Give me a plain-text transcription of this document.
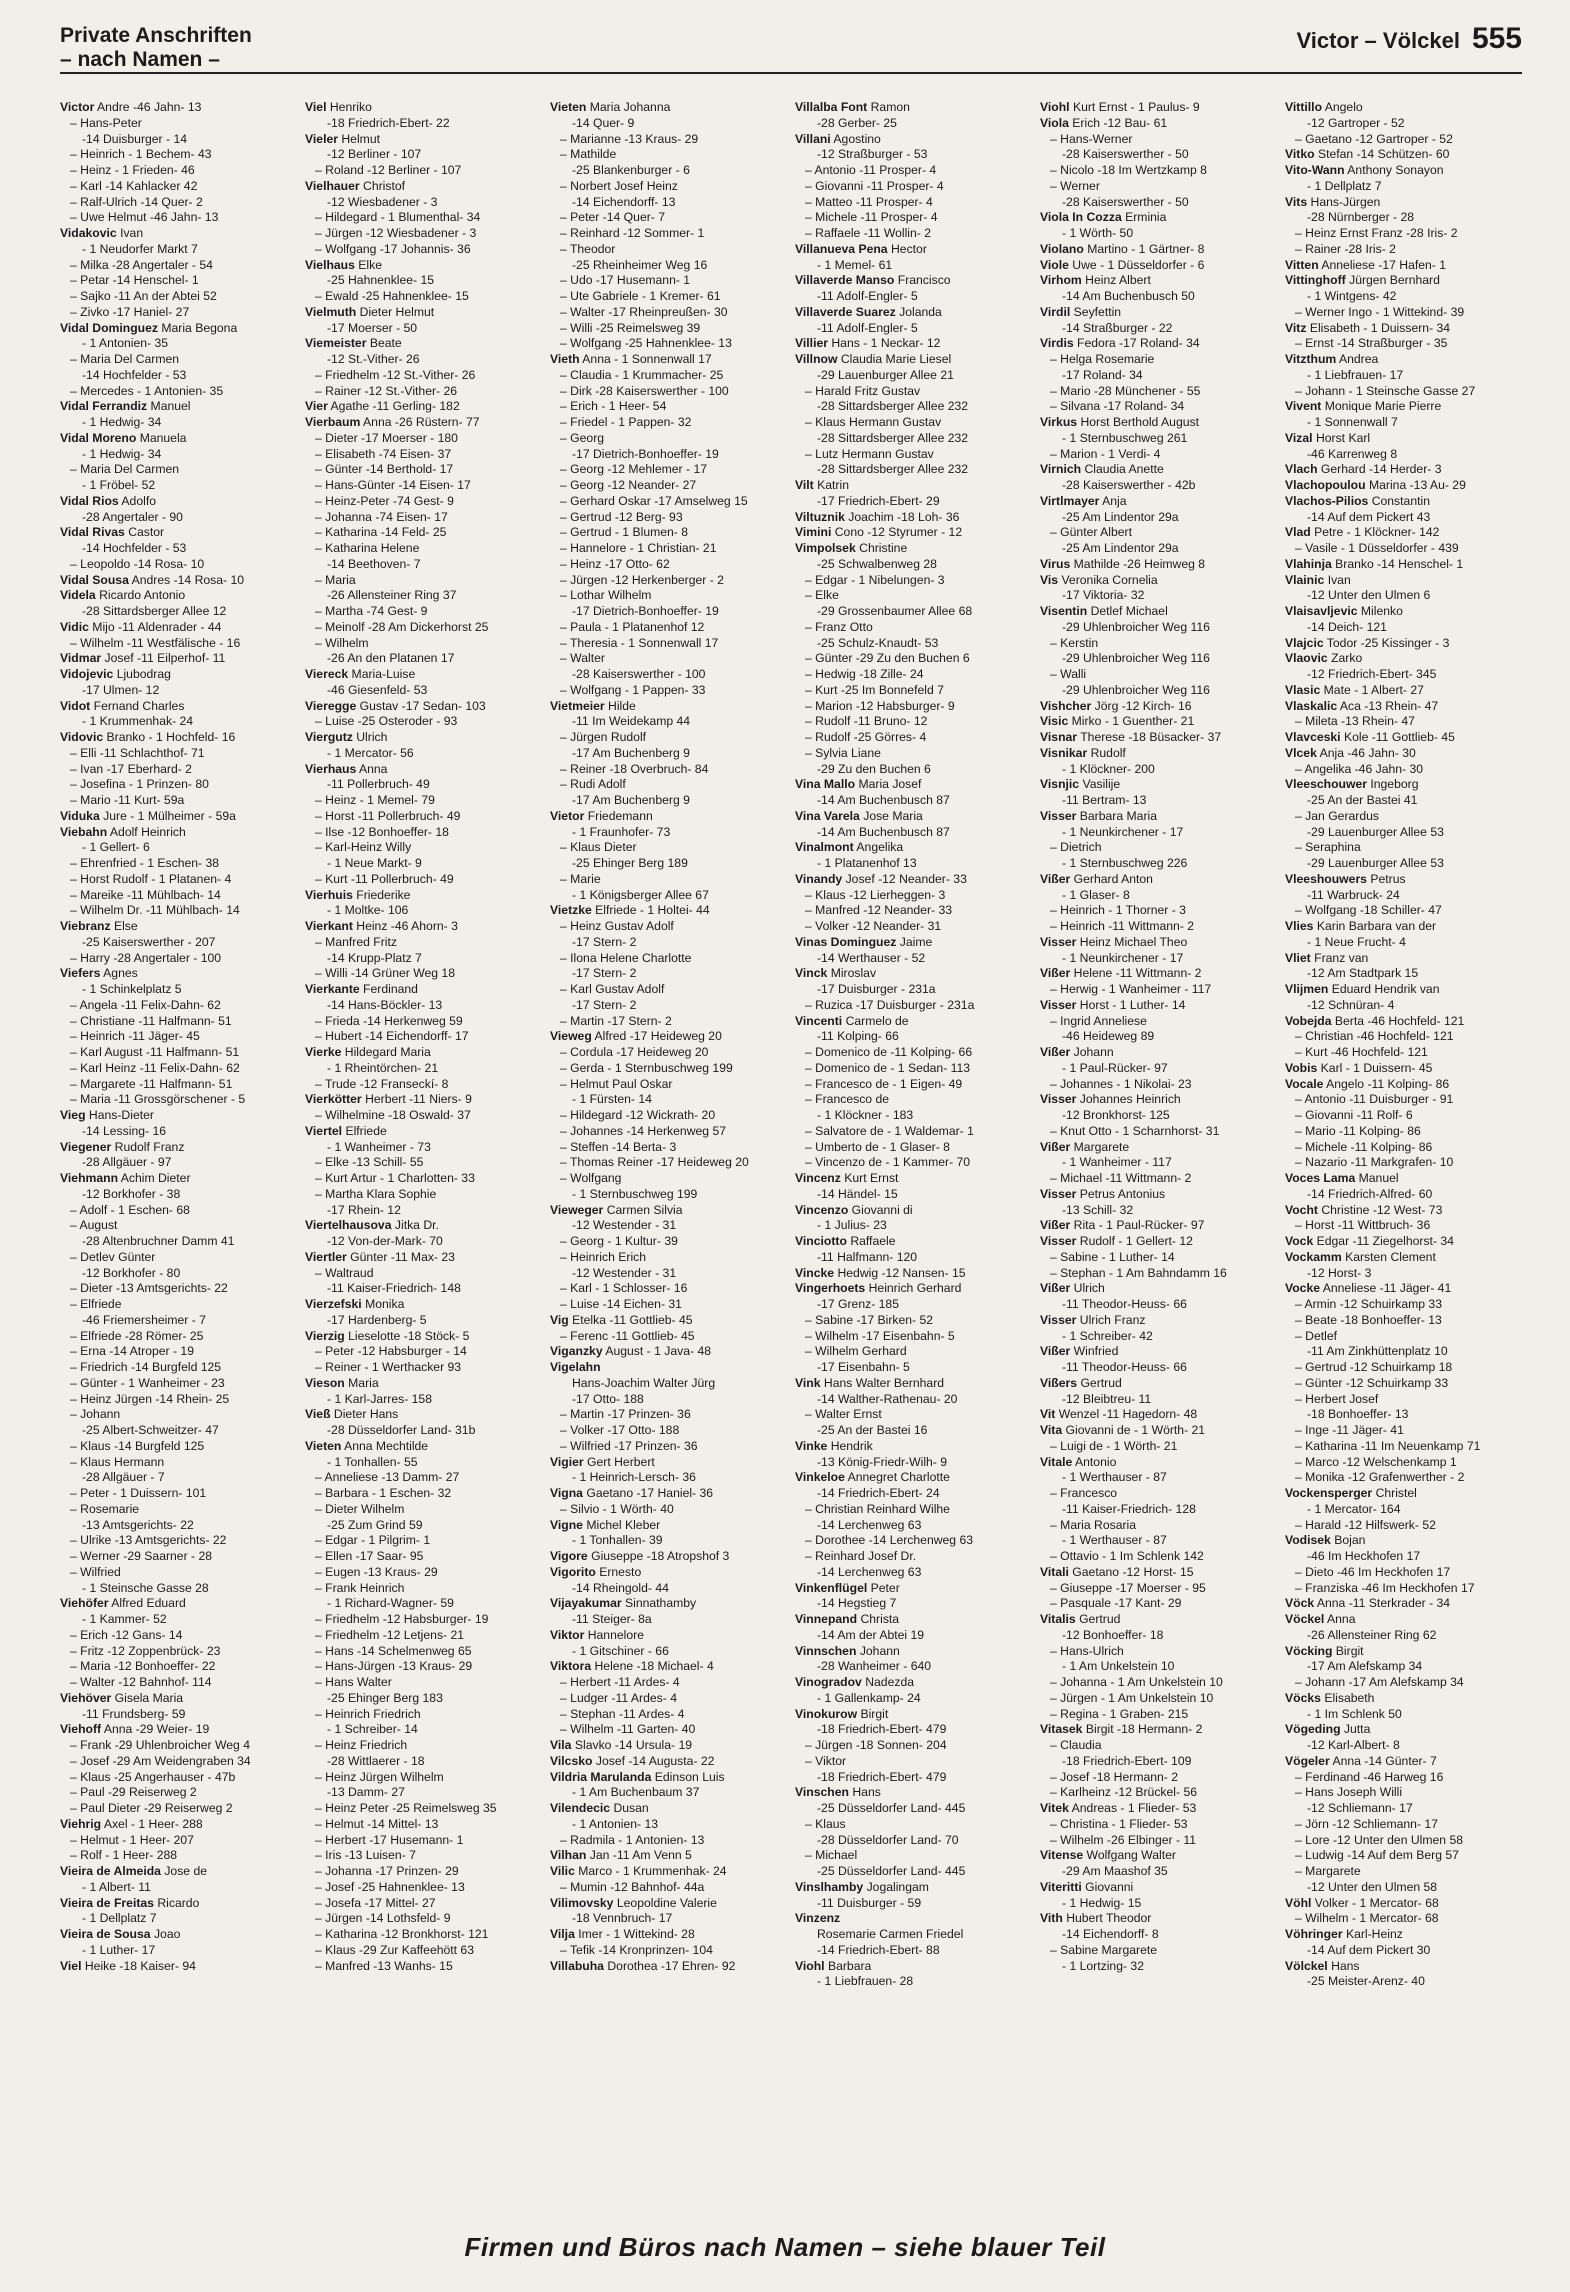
Private Anschriften
– nach Namen –
Victor – Völckel 555
Victor Andre -46 Jahn- 13
– Hans-Peter
-14 Duisburger - 14
– Heinrich - 1 Bechem- 43
– Heinz - 1 Frieden- 46
– Karl -14 Kahlacker 42
– Ralf-Ulrich -14 Quer- 2
– Uwe Helmut -46 Jahn- 13
Vidakovic Ivan
- 1 Neudorfer Markt 7
– Milka -28 Angertaler - 54
– Petar -14 Henschel- 1
– Sajko -11 An der Abtei 52
– Zivko -17 Haniel- 27
Vidal Dominguez Maria Begona
- 1 Antonien- 35
– Maria Del Carmen
-14 Hochfelder - 53
– Mercedes - 1 Antonien- 35
Vidal Ferrandiz Manuel
- 1 Hedwig- 34
Vidal Moreno Manuela
- 1 Hedwig- 34
– Maria Del Carmen
- 1 Fröbel- 52
Vidal Rios Adolfo
-28 Angertaler - 90
Vidal Rivas Castor
-14 Hochfelder - 53
– Leopoldo -14 Rosa- 10
Vidal Sousa Andres -14 Rosa- 10
Videla Ricardo Antonio
-28 Sittardsberger Allee 12
Vidic Mijo -11 Aldenrader - 44
– Wilhelm -11 Westfälische - 16
Vidmar Josef -11 Eilperhof- 11
Vidojevic Ljubodrag
-17 Ulmen- 12
Vidot Fernand Charles
- 1 Krummenhak- 24
Vidovic Branko - 1 Hochfeld- 16
– Elli -11 Schlachthof- 71
– Ivan -17 Eberhard- 2
– Josefina - 1 Prinzen- 80
– Mario -11 Kurt- 59a
Viduka Jure - 1 Mülheimer - 59a
Viebahn Adolf Heinrich
- 1 Gellert- 6
– Ehrenfried - 1 Eschen- 38
– Horst Rudolf - 1 Platanen- 4
– Mareike -11 Mühlbach- 14
– Wilhelm Dr. -11 Mühlbach- 14
Viebranz Else
-25 Kaiserswerther - 207
– Harry -28 Angertaler - 100
Viefers Agnes
- 1 Schinkelplatz 5
– Angela -11 Felix-Dahn- 62
– Christiane -11 Halfmann- 51
– Heinrich -11 Jäger- 45
– Karl August -11 Halfmann- 51
– Karl Heinz -11 Felix-Dahn- 62
– Margarete -11 Halfmann- 51
– Maria -11 Grossgörschener - 5
Vieg Hans-Dieter
-14 Lessing- 16
Viegener Rudolf Franz
-28 Allgäuer - 97
Viehmann Achim Dieter
-12 Borkhofer - 38
– Adolf - 1 Eschen- 68
– August
-28 Altenbruchner Damm 41
– Detlev Günter
-12 Borkhofer - 80
– Dieter -13 Amtsgerichts- 22
– Elfriede
-46 Friemersheimer - 7
– Elfriede -28 Römer- 25
– Erna -14 Atroper - 19
– Friedrich -14 Burgfeld 125
– Günter - 1 Wanheimer - 23
– Heinz Jürgen -14 Rhein- 25
– Johann
-25 Albert-Schweitzer- 47
– Klaus -14 Burgfeld 125
– Klaus Hermann
-28 Allgäuer - 7
– Peter - 1 Duissern- 101
– Rosemarie
-13 Amtsgerichts- 22
– Ulrike -13 Amtsgerichts- 22
– Werner -29 Saarner - 28
– Wilfried
- 1 Steinsche Gasse 28
Viehöfer Alfred Eduard
- 1 Kammer- 52
– Erich -12 Gans- 14
– Fritz -12 Zoppenbrück- 23
– Maria -12 Bonhoeffer- 22
– Walter -12 Bahnhof- 114
Viehöver Gisela Maria
-11 Frundsberg- 59
Viehoff Anna -29 Weier- 19
– Frank -29 Uhlenbroicher Weg 4
– Josef -29 Am Weidengraben 34
– Klaus -25 Angerhauser - 47b
– Paul -29 Reiserweg 2
– Paul Dieter -29 Reiserweg 2
Viehrig Axel - 1 Heer- 288
– Helmut - 1 Heer- 207
– Rolf - 1 Heer- 288
Vieira de Almeida Jose de
- 1 Albert- 11
Vieira de Freitas Ricardo
- 1 Dellplatz 7
Vieira de Sousa Joao
- 1 Luther- 17
Viel Heike -18 Kaiser- 94
Viel Henriko
-18 Friedrich-Ebert- 22
Vieler Helmut
-12 Berliner - 107
– Roland -12 Berliner - 107
Vielhauer Christof
-12 Wiesbadener - 3
– Hildegard - 1 Blumenthal- 34
– Jürgen -12 Wiesbadener - 3
– Wolfgang -17 Johannis- 36
Vielhaus Elke
-25 Hahnenklee- 15
– Ewald -25 Hahnenklee- 15
Vielmuth Dieter Helmut
-17 Moerser - 50
Viemeister Beate
-12 St.-Vither- 26
– Friedhelm -12 St.-Vither- 26
– Rainer -12 St.-Vither- 26
Vier Agathe -11 Gerling- 182
Vierbaum Anna -26 Rüstern- 77
– Dieter -17 Moerser - 180
– Elisabeth -74 Eisen- 37
– Günter -14 Berthold- 17
– Hans-Günter -14 Eisen- 17
– Heinz-Peter -74 Gest- 9
– Johanna -74 Eisen- 17
– Katharina -14 Feld- 25
– Katharina Helene
-14 Beethoven- 7
– Maria
-26 Allensteiner Ring 37
– Martha -74 Gest- 9
– Meinolf -28 Am Dickerhorst 25
– Wilhelm
-26 An den Platanen 17
Viereck Maria-Luise
-46 Giesenfeld- 53
Vieregge Gustav -17 Sedan- 103
– Luise -25 Osteroder - 93
Viergutz Ulrich
- 1 Mercator- 56
Vierhaus Anna
-11 Pollerbruch- 49
– Heinz - 1 Memel- 79
– Horst -11 Pollerbruch- 49
– Ilse -12 Bonhoeffer- 18
– Karl-Heinz Willy
- 1 Neue Markt- 9
– Kurt -11 Pollerbruch- 49
Vierhuis Friederike
- 1 Moltke- 106
Vierkant Heinz -46 Ahorn- 3
– Manfred Fritz
-14 Krupp-Platz 7
– Willi -14 Grüner Weg 18
Vierkante Ferdinand
-14 Hans-Böckler- 13
– Frieda -14 Herkenweg 59
– Hubert -14 Eichendorff- 17
Vierke Hildegard Maria
- 1 Rheintörchen- 21
– Trude -12 Franseckí- 8
Vierkötter Herbert -11 Niers- 9
– Wilhelmine -18 Oswald- 37
Viertel Elfriede
- 1 Wanheimer - 73
– Elke -13 Schill- 55
– Kurt Artur - 1 Charlotten- 33
– Martha Klara Sophie
-17 Rhein- 12
Viertelhausova Jitka Dr.
-12 Von-der-Mark- 70
Viertler Günter -11 Max- 23
– Waltraud
-11 Kaiser-Friedrich- 148
Vierzefski Monika
-17 Hardenberg- 5
Vierzig Lieselotte -18 Stöck- 5
– Peter -12 Habsburger - 14
– Reiner - 1 Werthacker 93
Vieson Maria
- 1 Karl-Jarres- 158
Vieß Dieter Hans
-28 Düsseldorfer Land- 31b
Vieten Anna Mechtilde
- 1 Tonhallen- 55
– Anneliese -13 Damm- 27
– Barbara - 1 Eschen- 32
– Dieter Wilhelm
-25 Zum Grind 59
– Edgar - 1 Pilgrim- 1
– Ellen -17 Saar- 95
– Eugen -13 Kraus- 29
– Frank Heinrich
- 1 Richard-Wagner- 59
– Friedhelm -12 Habsburger- 19
– Friedhelm -12 Letjens- 21
– Hans -14 Schelmenweg 65
– Hans-Jürgen -13 Kraus- 29
– Hans Walter
-25 Ehinger Berg 183
– Heinrich Friedrich
- 1 Schreiber- 14
– Heinz Friedrich
-28 Wittlaerer - 18
– Heinz Jürgen Wilhelm
-13 Damm- 27
– Heinz Peter -25 Reimelsweg 35
– Helmut -14 Mittel- 13
– Herbert -17 Husemann- 1
– Iris -13 Luisen- 7
– Johanna -17 Prinzen- 29
– Josef -25 Hahnenklee- 13
– Josefa -17 Mittel- 27
– Jürgen -14 Lothsfeld- 9
– Katharina -12 Bronkhorst- 121
– Klaus -29 Zur Kaffeehött 63
– Manfred -13 Wanhs- 15
Vieten Maria Johanna
-14 Quer- 9
– Marianne -13 Kraus- 29
– Mathilde
-25 Blankenburger - 6
– Norbert Josef Heinz
-14 Eichendorff- 13
– Peter -14 Quer- 7
– Reinhard -12 Sommer- 1
– Theodor
-25 Rheinheimer Weg 16
– Udo -17 Husemann- 1
– Ute Gabriele - 1 Kremer- 61
– Walter -17 Rheinpreußen- 30
– Willi -25 Reimelsweg 39
– Wolfgang -25 Hahnenklee- 13
Vieth Anna - 1 Sonnenwall 17
– Claudia - 1 Krummacher- 25
– Dirk -28 Kaiserswerther - 100
– Erich - 1 Heer- 54
– Friedel - 1 Pappen- 32
– Georg
-17 Dietrich-Bonhoeffer- 19
– Georg -12 Mehlemer - 17
– Georg -12 Neander- 27
– Gerhard Oskar -17 Amselweg 15
– Gertrud -12 Berg- 93
– Gertrud - 1 Blumen- 8
– Hannelore - 1 Christian- 21
– Heinz -17 Otto- 62
– Jürgen -12 Herkenberger - 2
– Lothar Wilhelm
-17 Dietrich-Bonhoeffer- 19
– Paula - 1 Platanenhof 12
– Theresia - 1 Sonnenwall 17
– Walter
-28 Kaiserswerther - 100
– Wolfgang - 1 Pappen- 33
Vietmeier Hilde
-11 Im Weidekamp 44
– Jürgen Rudolf
-17 Am Buchenberg 9
– Reiner -18 Overbruch- 84
– Rudi Adolf
-17 Am Buchenberg 9
Vietor Friedemann
- 1 Fraunhofer- 73
– Klaus Dieter
-25 Ehinger Berg 189
– Marie
- 1 Königsberger Allee 67
Vietzke Elfriede - 1 Holtei- 44
– Heinz Gustav Adolf
-17 Stern- 2
– Ilona Helene Charlotte
-17 Stern- 2
– Karl Gustav Adolf
-17 Stern- 2
– Martin -17 Stern- 2
Vieweg Alfred -17 Heideweg 20
– Cordula -17 Heideweg 20
– Gerda - 1 Sternbuschweg 199
– Helmut Paul Oskar
- 1 Fürsten- 14
– Hildegard -12 Wickrath- 20
– Johannes -14 Herkenweg 57
– Steffen -14 Berta- 3
– Thomas Reiner -17 Heideweg 20
– Wolfgang
- 1 Sternbuschweg 199
Vieweger Carmen Silvia
-12 Westender - 31
– Georg - 1 Kultur- 39
– Heinrich Erich
-12 Westender - 31
– Karl - 1 Schlosser- 16
– Luise -14 Eichen- 31
Vig Etelka -11 Gottlieb- 45
– Ferenc -11 Gottlieb- 45
Viganzky August - 1 Java- 48
Vigelahn
Hans-Joachim Walter Jürg
-17 Otto- 188
– Martin -17 Prinzen- 36
– Volker -17 Otto- 188
– Wilfried -17 Prinzen- 36
Vigier Gert Herbert
- 1 Heinrich-Lersch- 36
Vigna Gaetano -17 Haniel- 36
– Silvio - 1 Wörth- 40
Vigne Michel Kleber
- 1 Tonhallen- 39
Vigore Giuseppe -18 Atropshof 3
Vigorito Ernesto
-14 Rheingold- 44
Vijayakumar Sinnathamby
-11 Steiger- 8a
Viktor Hannelore
- 1 Gitschiner - 66
Viktora Helene -18 Michael- 4
– Herbert -11 Ardes- 4
– Ludger -11 Ardes- 4
– Stephan -11 Ardes- 4
– Wilhelm -11 Garten- 40
Vila Slavko -14 Ursula- 19
Vilcsko Josef -14 Augusta- 22
Vildria Marulanda Edinson Luis
- 1 Am Buchenbaum 37
Vilendecic Dusan
- 1 Antonien- 13
– Radmila - 1 Antonien- 13
Vilhan Jan -11 Am Venn 5
Vilic Marco - 1 Krummenhak- 24
– Mumin -12 Bahnhof- 44a
Vilimovsky Leopoldine Valerie
-18 Vennbruch- 17
Vilja Imer - 1 Wittekind- 28
– Tefik -14 Kronprinzen- 104
Villabuha Dorothea -17 Ehren- 92
Villalba Font Ramon
-28 Gerber- 25
Villani Agostino
-12 Straßburger - 53
– Antonio -11 Prosper- 4
– Giovanni -11 Prosper- 4
– Matteo -11 Prosper- 4
– Michele -11 Prosper- 4
– Raffaele -11 Wollin- 2
Villanueva Pena Hector
- 1 Memel- 61
Villaverde Manso Francisco
-11 Adolf-Engler- 5
Villaverde Suarez Jolanda
-11 Adolf-Engler- 5
Villier Hans - 1 Neckar- 12
Villnow Claudia Marie Liesel
-29 Lauenburger Allee 21
– Harald Fritz Gustav
-28 Sittardsberger Allee 232
– Klaus Hermann Gustav
-28 Sittardsberger Allee 232
– Lutz Hermann Gustav
-28 Sittardsberger Allee 232
Vilt Katrin
-17 Friedrich-Ebert- 29
Viltuznik Joachim -18 Loh- 36
Vimini Cono -12 Styrumer - 12
Vimpolsek Christine
-25 Schwalbenweg 28
– Edgar - 1 Nibelungen- 3
– Elke
-29 Grossenbaumer Allee 68
– Franz Otto
-25 Schulz-Knaudt- 53
– Günter -29 Zu den Buchen 6
– Hedwig -18 Zille- 24
– Kurt -25 Im Bonnefeld 7
– Marion -12 Habsburger- 9
– Rudolf -11 Bruno- 12
– Rudolf -25 Görres- 4
– Sylvia Liane
-29 Zu den Buchen 6
Vina Mallo Maria Josef
-14 Am Buchenbusch 87
Vina Varela Jose Maria
-14 Am Buchenbusch 87
Vinalmont Angelika
- 1 Platanenhof 13
Vinandy Josef -12 Neander- 33
– Klaus -12 Lierheggen- 3
– Manfred -12 Neander- 33
– Volker -12 Neander- 31
Vinas Dominguez Jaime
-14 Werthauser - 52
Vinck Miroslav
-17 Duisburger - 231a
– Ruzica -17 Duisburger - 231a
Vincenti Carmelo de
-11 Kolping- 66
– Domenico de -11 Kolping- 66
– Domenico de - 1 Sedan- 113
– Francesco de - 1 Eigen- 49
– Francesco de
- 1 Klöckner - 183
– Salvatore de - 1 Waldemar- 1
– Umberto de - 1 Glaser- 8
– Vincenzo de - 1 Kammer- 70
Vincenz Kurt Ernst
-14 Händel- 15
Vincenzo Giovanni di
- 1 Julius- 23
Vinciotto Raffaele
-11 Halfmann- 120
Vincke Hedwig -12 Nansen- 15
Vingerhoets Heinrich Gerhard
-17 Grenz- 185
– Sabine -17 Birken- 52
– Wilhelm -17 Eisenbahn- 5
– Wilhelm Gerhard
-17 Eisenbahn- 5
Vink Hans Walter Bernhard
-14 Walther-Rathenau- 20
– Walter Ernst
-25 An der Bastei 16
Vinke Hendrik
-13 König-Friedr-Wilh- 9
Vinkeloe Annegret Charlotte
-14 Friedrich-Ebert- 24
– Christian Reinhard Wilhe
-14 Lerchenweg 63
– Dorothee -14 Lerchenweg 63
– Reinhard Josef Dr.
-14 Lerchenweg 63
Vinkenflügel Peter
-14 Hegstieg 7
Vinnepand Christa
-14 Am der Abtei 19
Vinnschen Johann
-28 Wanheimer - 640
Vinogradov Nadezda
- 1 Gallenkamp- 24
Vinokurow Birgit
-18 Friedrich-Ebert- 479
– Jürgen -18 Sonnen- 204
– Viktor
-18 Friedrich-Ebert- 479
Vinschen Hans
-25 Düsseldorfer Land- 445
– Klaus
-28 Düsseldorfer Land- 70
– Michael
-25 Düsseldorfer Land- 445
Vinslhamby Jogalingam
-11 Duisburger - 59
Vinzenz
Rosemarie Carmen Friedel
-14 Friedrich-Ebert- 88
Viohl Barbara
- 1 Liebfrauen- 28
Viohl Kurt Ernst - 1 Paulus- 9
Viola Erich -12 Bau- 61
– Hans-Werner
-28 Kaiserswerther - 50
– Nicolo -18 Im Wertzkamp 8
– Werner
-28 Kaiserswerther - 50
Viola In Cozza Erminia
- 1 Wörth- 50
Violano Martino - 1 Gärtner- 8
Viole Uwe - 1 Düsseldorfer - 6
Virhom Heinz Albert
-14 Am Buchenbusch 50
Virdil Seyfettin
-14 Straßburger - 22
Virdis Fedora -17 Roland- 34
– Helga Rosemarie
-17 Roland- 34
– Mario -28 Münchener - 55
– Silvana -17 Roland- 34
Virkus Horst Berthold August
- 1 Sternbuschweg 261
– Marion - 1 Verdi- 4
Virnich Claudia Anette
-28 Kaiserswerther - 42b
Virtlmayer Anja
-25 Am Lindentor 29a
– Günter Albert
-25 Am Lindentor 29a
Virus Mathilde -26 Heimweg 8
Vis Veronika Cornelia
-17 Viktoria- 32
Visentin Detlef Michael
-29 Uhlenbroicher Weg 116
– Kerstin
-29 Uhlenbroicher Weg 116
– Walli
-29 Uhlenbroicher Weg 116
Vishcher Jörg -12 Kirch- 16
Visic Mirko - 1 Guenther- 21
Visnar Therese -18 Büsacker- 37
Visnikar Rudolf
- 1 Klöckner- 200
Visnjic Vasilije
-11 Bertram- 13
Visser Barbara Maria
- 1 Neunkirchener - 17
– Dietrich
- 1 Sternbuschweg 226
Vißer Gerhard Anton
- 1 Glaser- 8
– Heinrich - 1 Thorner - 3
– Heinrich -11 Wittmann- 2
Visser Heinz Michael Theo
- 1 Neunkirchener - 17
Vißer Helene -11 Wittmann- 2
– Herwig - 1 Wanheimer - 117
Visser Horst - 1 Luther- 14
– Ingrid Anneliese
-46 Heideweg 89
Vißer Johann
- 1 Paul-Rücker- 97
– Johannes - 1 Nikolai- 23
Visser Johannes Heinrich
-12 Bronkhorst- 125
– Knut Otto - 1 Scharnhorst- 31
Vißer Margarete
- 1 Wanheimer - 117
– Michael -11 Wittmann- 2
Visser Petrus Antonius
-13 Schill- 32
Vißer Rita - 1 Paul-Rücker- 97
Visser Rudolf - 1 Gellert- 12
– Sabine - 1 Luther- 14
– Stephan - 1 Am Bahndamm 16
Vißer Ulrich
-11 Theodor-Heuss- 66
Visser Ulrich Franz
- 1 Schreiber- 42
Vißer Winfried
-11 Theodor-Heuss- 66
Vißers Gertrud
-12 Bleibtreu- 11
Vit Wenzel -11 Hagedorn- 48
Vita Giovanni de - 1 Wörth- 21
– Luigi de - 1 Wörth- 21
Vitale Antonio
- 1 Werthauser - 87
– Francesco
-11 Kaiser-Friedrich- 128
– Maria Rosaria
- 1 Werthauser - 87
– Ottavio - 1 Im Schlenk 142
Vitali Gaetano -12 Horst- 15
– Giuseppe -17 Moerser - 95
– Pasquale -17 Kant- 29
Vitalis Gertrud
-12 Bonhoeffer- 18
– Hans-Ulrich
- 1 Am Unkelstein 10
– Johanna - 1 Am Unkelstein 10
– Jürgen - 1 Am Unkelstein 10
– Regina - 1 Graben- 215
Vitasek Birgit -18 Hermann- 2
– Claudia
-18 Friedrich-Ebert- 109
– Josef -18 Hermann- 2
– Karlheinz -12 Brückel- 56
Vitek Andreas - 1 Flieder- 53
– Christina - 1 Flieder- 53
– Wilhelm -26 Elbinger - 11
Vitense Wolfgang Walter
-29 Am Maashof 35
Viteritti Giovanni
- 1 Hedwig- 15
Vith Hubert Theodor
-14 Eichendorff- 8
– Sabine Margarete
- 1 Lortzing- 32
Vittillo Angelo
-12 Gartroper - 52
– Gaetano -12 Gartroper - 52
Vitko Stefan -14 Schützen- 60
Vito-Wann Anthony Sonayon
- 1 Dellplatz 7
Vits Hans-Jürgen
-28 Nürnberger - 28
– Heinz Ernst Franz -28 Iris- 2
– Rainer -28 Iris- 2
Vitten Anneliese -17 Hafen- 1
Vittinghoff Jürgen Bernhard
- 1 Wintgens- 42
– Werner Ingo - 1 Wittekind- 39
Vitz Elisabeth - 1 Duissern- 34
– Ernst -14 Straßburger - 35
Vitzthum Andrea
- 1 Liebfrauen- 17
– Johann - 1 Steinsche Gasse 27
Vivent Monique Marie Pierre
- 1 Sonnenwall 7
Vizal Horst Karl
-46 Karrenweg 8
Vlach Gerhard -14 Herder- 3
Vlachopoulou Marina -13 Au- 29
Vlachos-Pilios Constantin
-14 Auf dem Pickert 43
Vlad Petre - 1 Klöckner- 142
– Vasile - 1 Düsseldorfer - 439
Vlahinja Branko -14 Henschel- 1
Vlainic Ivan
-12 Unter den Ulmen 6
Vlaisavljevic Milenko
-14 Deich- 121
Vlajcic Todor -25 Kissinger - 3
Vlaovic Zarko
-12 Friedrich-Ebert- 345
Vlasic Mate - 1 Albert- 27
Vlaskalic Aca -13 Rhein- 47
– Mileta -13 Rhein- 47
Vlavceski Kole -11 Gottlieb- 45
Vlcek Anja -46 Jahn- 30
– Angelika -46 Jahn- 30
Vleeschouwer Ingeborg
-25 An der Bastei 41
– Jan Gerardus
-29 Lauenburger Allee 53
– Seraphina
-29 Lauenburger Allee 53
Vleeshouwers Petrus
-11 Warbruck- 24
– Wolfgang -18 Schiller- 47
Vlies Karin Barbara van der
- 1 Neue Frucht- 4
Vliet Franz van
-12 Am Stadtpark 15
Vlijmen Eduard Hendrik van
-12 Schnüran- 4
Vobejda Berta -46 Hochfeld- 121
– Christian -46 Hochfeld- 121
– Kurt -46 Hochfeld- 121
Vobis Karl - 1 Duissern- 45
Vocale Angelo -11 Kolping- 86
– Antonio -11 Duisburger - 91
– Giovanni -11 Rolf- 6
– Mario -11 Kolping- 86
– Michele -11 Kolping- 86
– Nazario -11 Markgrafen- 10
Voces Lama Manuel
-14 Friedrich-Alfred- 60
Vocht Christine -12 West- 73
– Horst -11 Wittbruch- 36
Vock Edgar -11 Ziegelhorst- 34
Vockamm Karsten Clement
-12 Horst- 3
Vocke Anneliese -11 Jäger- 41
– Armin -12 Schuirkamp 33
– Beate -18 Bonhoeffer- 13
– Detlef
-11 Am Zinkhüttenplatz 10
– Gertrud -12 Schuirkamp 18
– Günter -12 Schuirkamp 33
– Herbert Josef
-18 Bonhoeffer- 13
– Inge -11 Jäger- 41
– Katharina -11 Im Neuenkamp 71
– Marco -12 Welschenkamp 1
– Monika -12 Grafenwerther - 2
Vockensperger Christel
- 1 Mercator- 164
– Harald -12 Hilfswerk- 52
Vodisek Bojan
-46 Im Heckhofen 17
– Dieto -46 Im Heckhofen 17
– Franziska -46 Im Heckhofen 17
Vöck Anna -11 Sterkrader - 34
Vöckel Anna
-26 Allensteiner Ring 62
Vöcking Birgit
-17 Am Alefskamp 34
– Johann -17 Am Alefskamp 34
Vöcks Elisabeth
- 1 Im Schlenk 50
Vögeding Jutta
-12 Karl-Albert- 8
Vögeler Anna -14 Günter- 7
– Ferdinand -46 Harweg 16
– Hans Joseph Willi
-12 Schliemann- 17
– Jörn -12 Schliemann- 17
– Lore -12 Unter den Ulmen 58
– Ludwig -14 Auf dem Berg 57
– Margarete
-12 Unter den Ulmen 58
Vöhl Volker - 1 Mercator- 68
– Wilhelm - 1 Mercator- 68
Vöhringer Karl-Heinz
-14 Auf dem Pickert 30
Völckel Hans
-25 Meister-Arenz- 40
Firmen und Büros nach Namen – siehe blauer Teil
